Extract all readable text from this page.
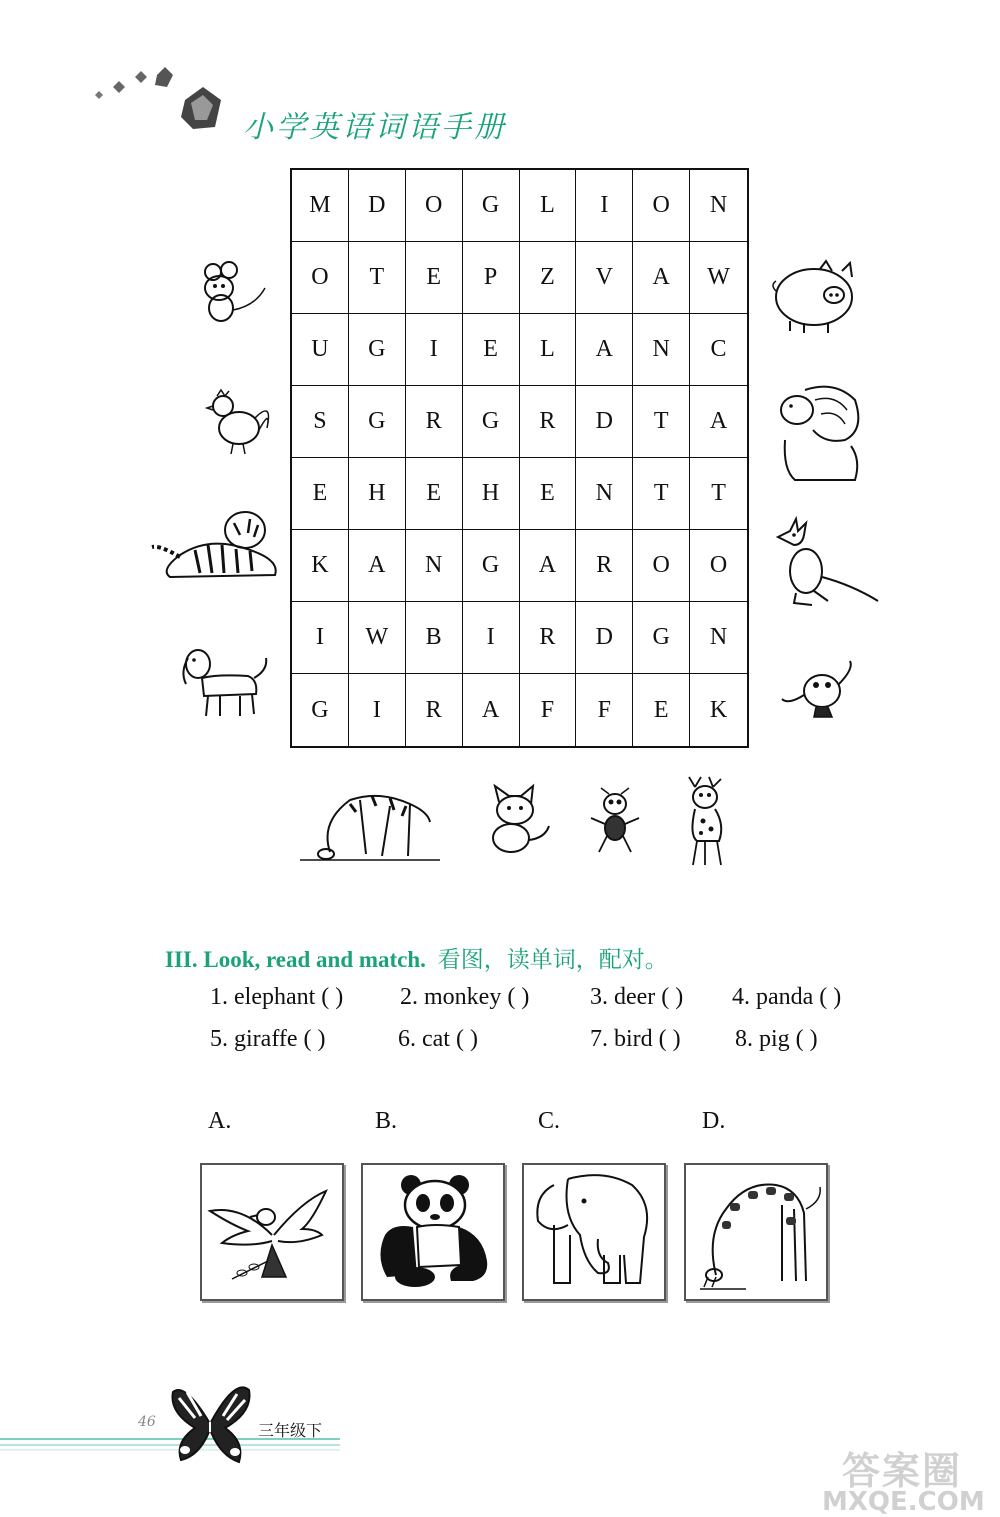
小学英语词语手册
M	D	O	G	L	I	O	N
O	T	E	P	Z	V	A	W
U	G	I	E	L	A	N	C
S	G	R	G	R	D	T	A
E	H	E	H	E	N	T	T
K	A	N	G	A	R	O	O
I	W	B	I	R	D	G	N
G	I	R	A	F	F	E	K
III. Look, read and match. 看图，读单词，配对。
1. elephant ( ) 2. monkey ( )	3. deer ( ) 4. panda ( )
5. giraffe ( )	6. cat ( )	7. bird ( ) 8. pig ( )
A.	B.	C.	D.
46	三年级下
答案圈
MXQE.COM
